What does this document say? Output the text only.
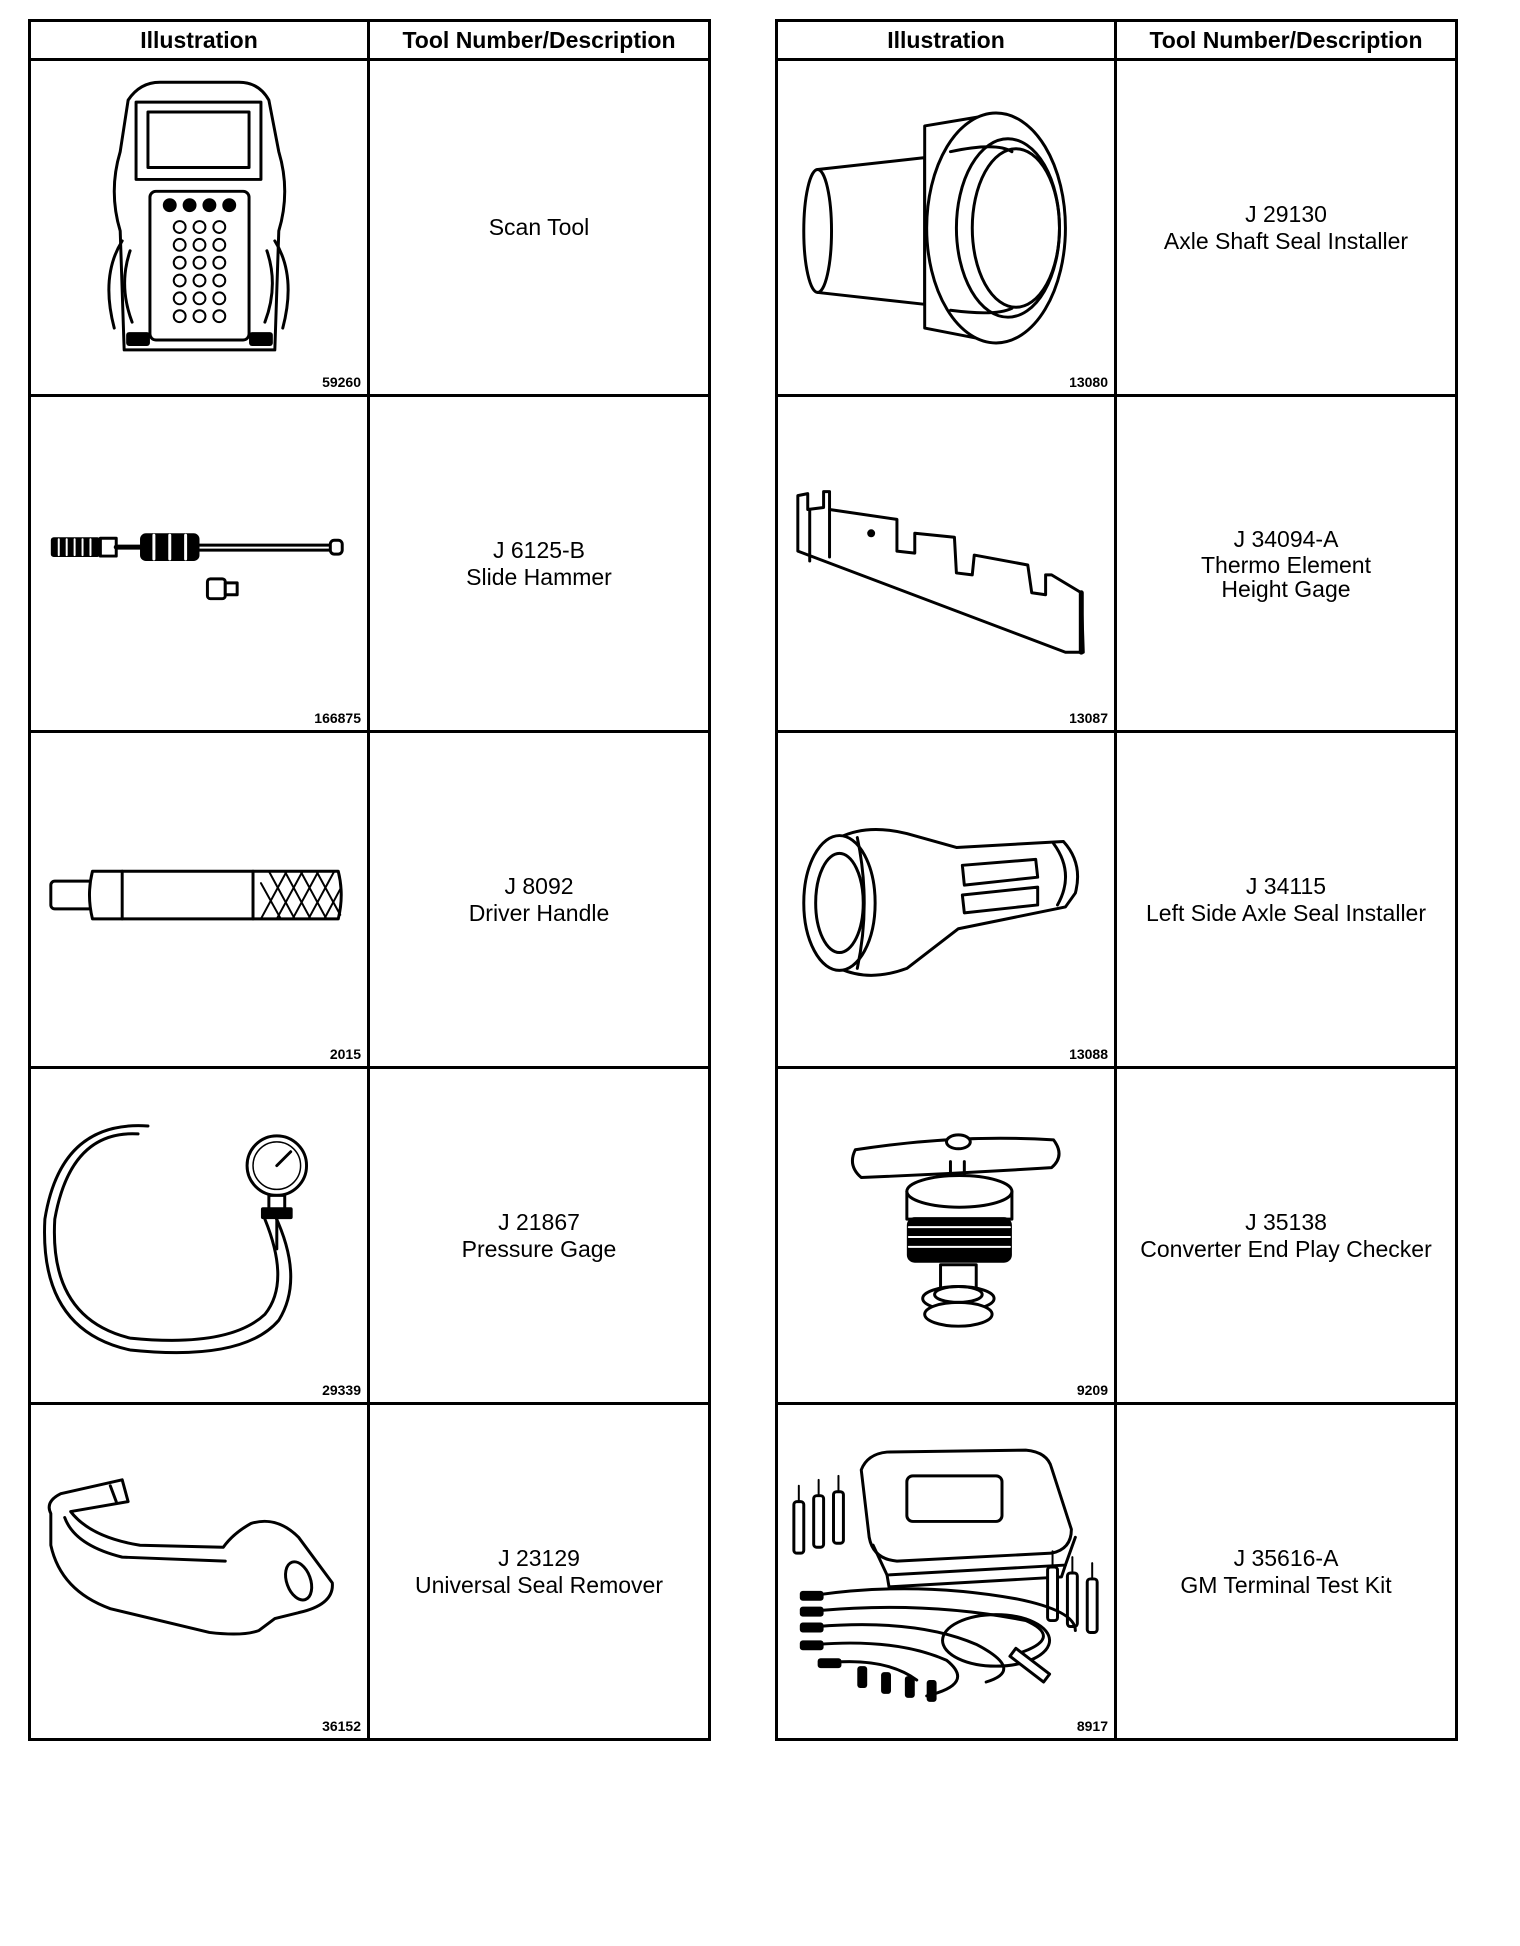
Illustration	Tool Number/Description

59260	Scan Tool

166875	J 6125-B
Slide Hammer

2015	J 8092
Driver Handle

29339	J 21867
Pressure Gage

36152	J 23129
Universal Seal Remover
Illustration	Tool Number/Description

13080	J 29130
Axle Shaft Seal Installer

13087	J 34094-A
Thermo Element
Height Gage

13088	J 34115
Left Side Axle Seal Installer

9209	J 35138
Converter End Play Checker

8917	J 35616-A
GM Terminal Test Kit
